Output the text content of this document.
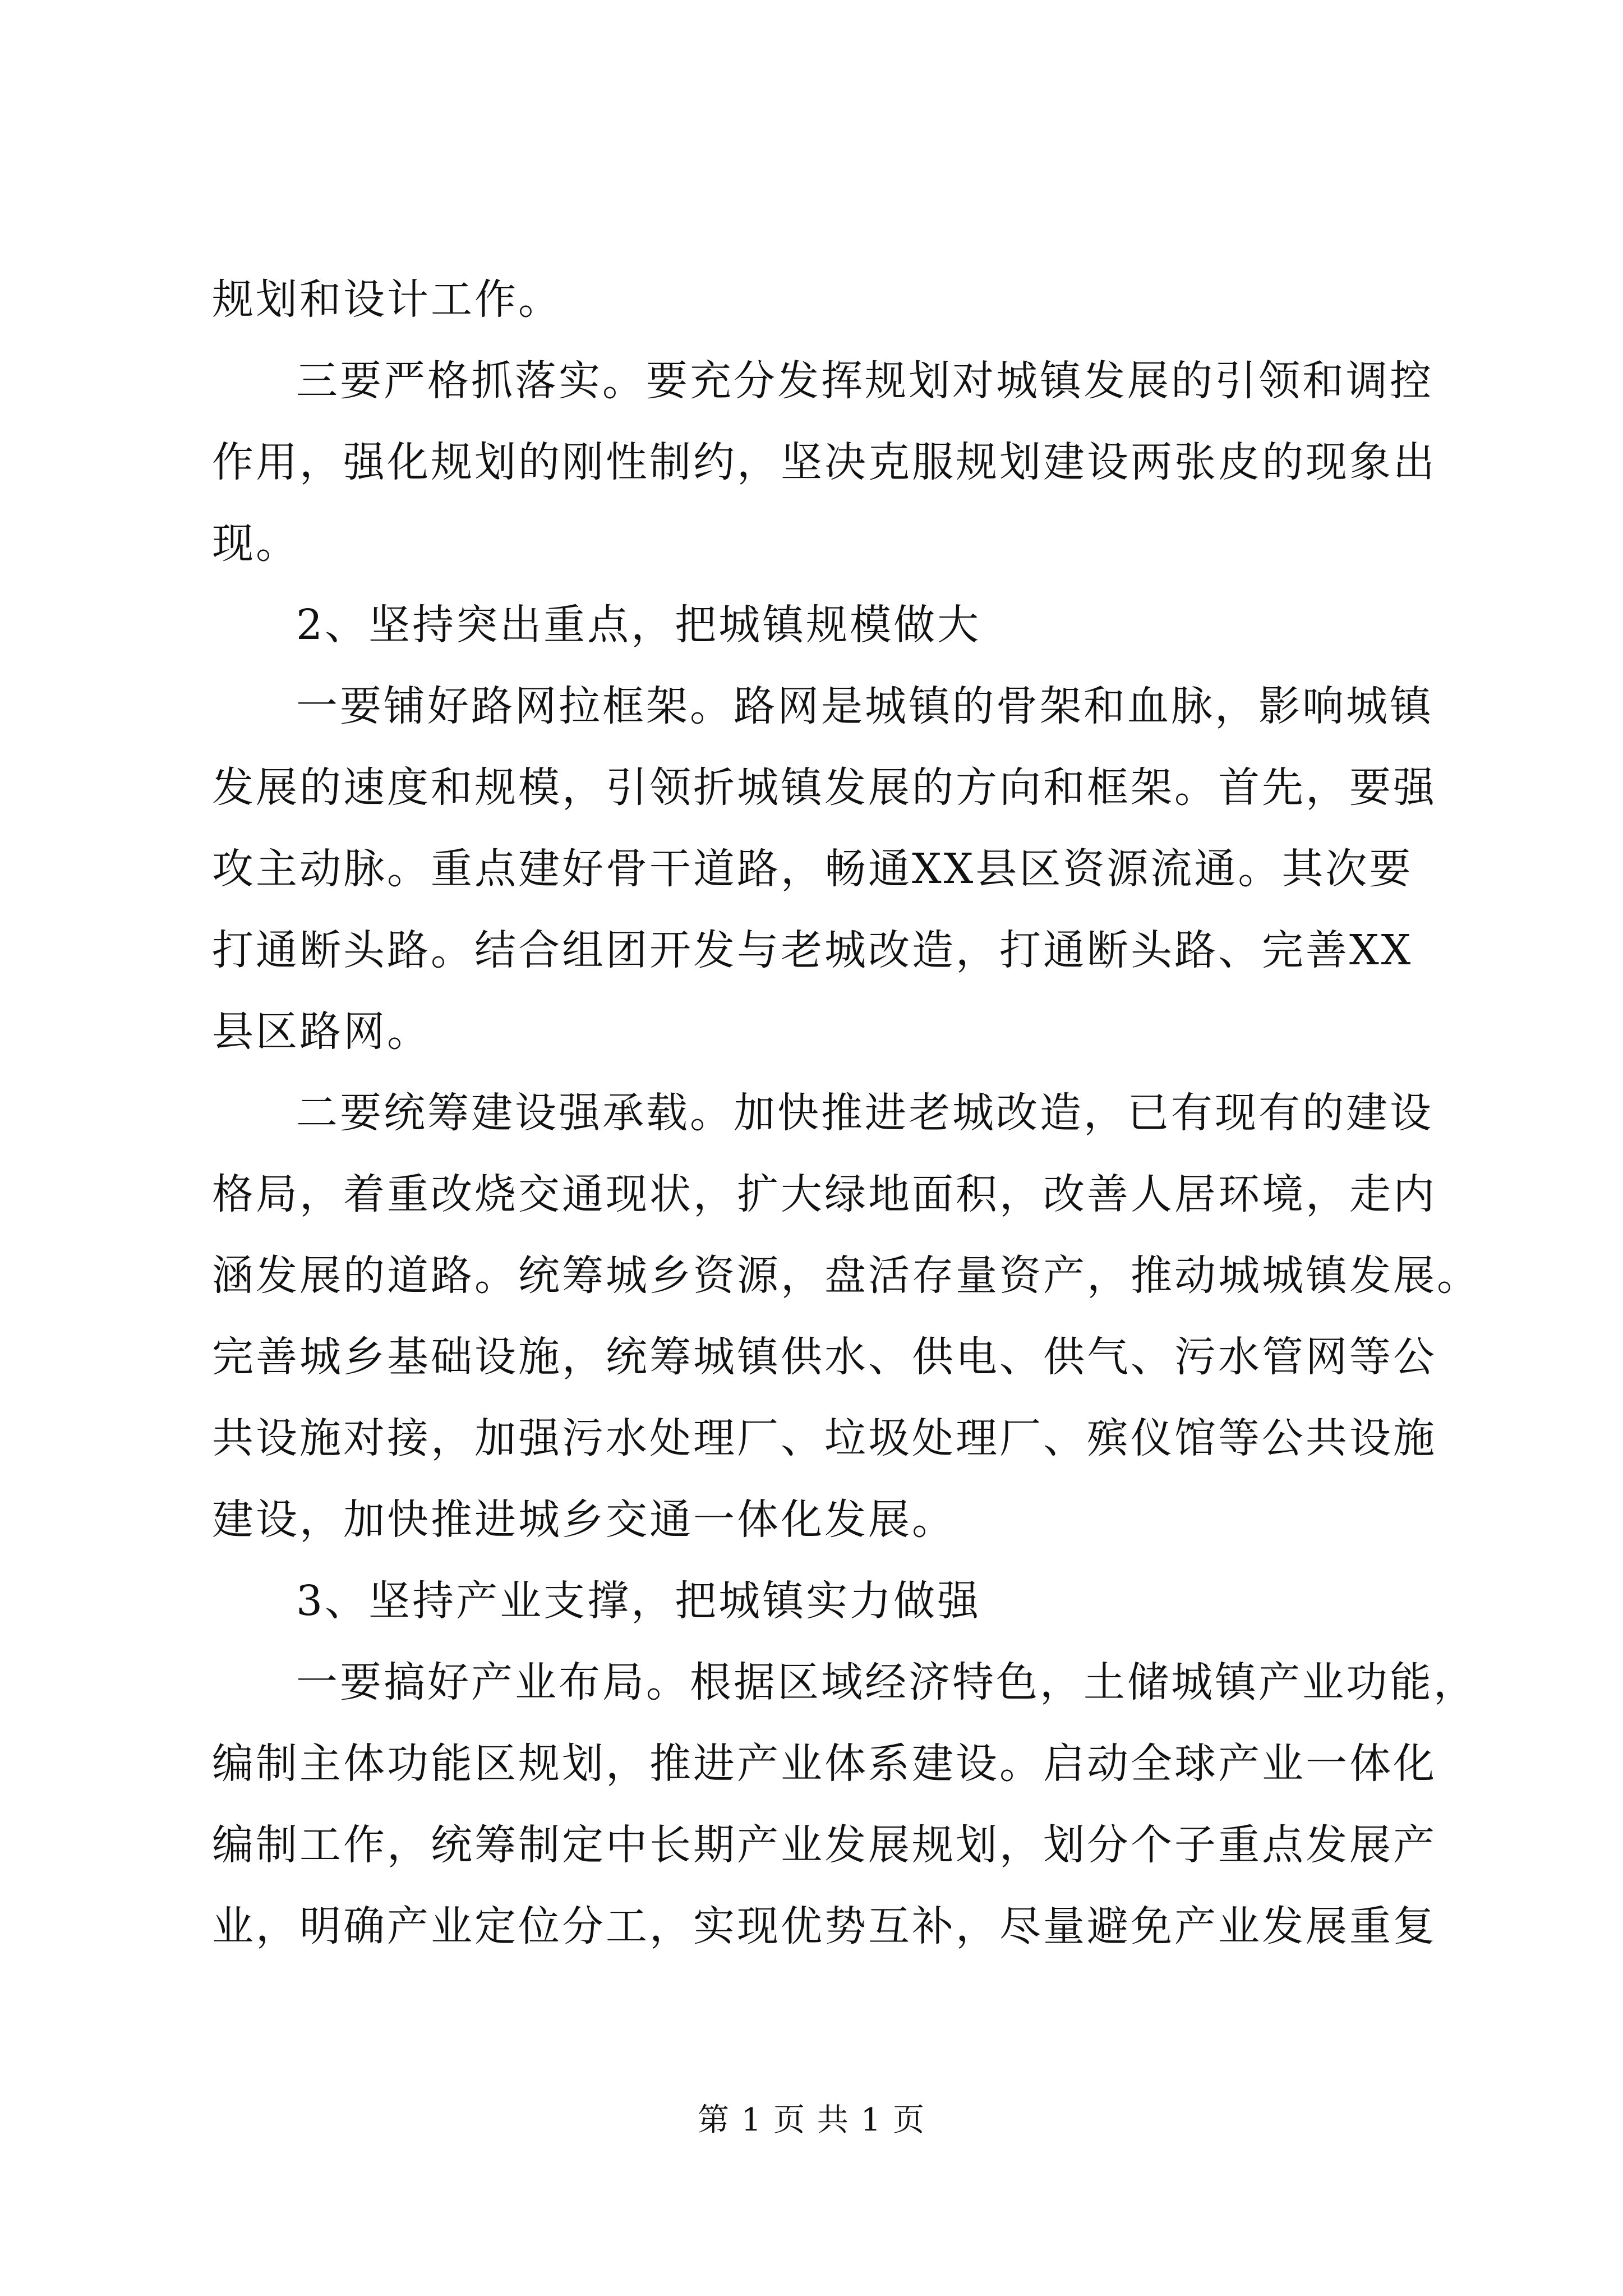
规划和设计工作。
三要严格抓落实。要充分发挥规划对城镇发展的引领和调控
作用，强化规划的刚性制约，坚决克服规划建设两张皮的现象出
现。
2、坚持突出重点，把城镇规模做大
一要铺好路网拉框架。路网是城镇的骨架和血脉，影响城镇
发展的速度和规模，引领折城镇发展的方向和框架。首先，要强
攻主动脉。重点建好骨干道路，畅通XX县区资源流通。其次要
打通断头路。结合组团开发与老城改造，打通断头路、完善XX
县区路网。
二要统筹建设强承载。加快推进老城改造，已有现有的建设
格局，着重改烧交通现状，扩大绿地面积，改善人居环境，走内
涵发展的道路。统筹城乡资源，盘活存量资产，推动城城镇发展。
完善城乡基础设施，统筹城镇供水、供电、供气、污水管网等公
共设施对接，加强污水处理厂、垃圾处理厂、殡仪馆等公共设施
建设，加快推进城乡交通一体化发展。
3、坚持产业支撑，把城镇实力做强
一要搞好产业布局。根据区域经济特色，土储城镇产业功能，
编制主体功能区规划，推进产业体系建设。启动全球产业一体化
编制工作，统筹制定中长期产业发展规划，划分个子重点发展产
业，明确产业定位分工，实现优势互补，尽量避免产业发展重复
第 1 页 共 1 页
